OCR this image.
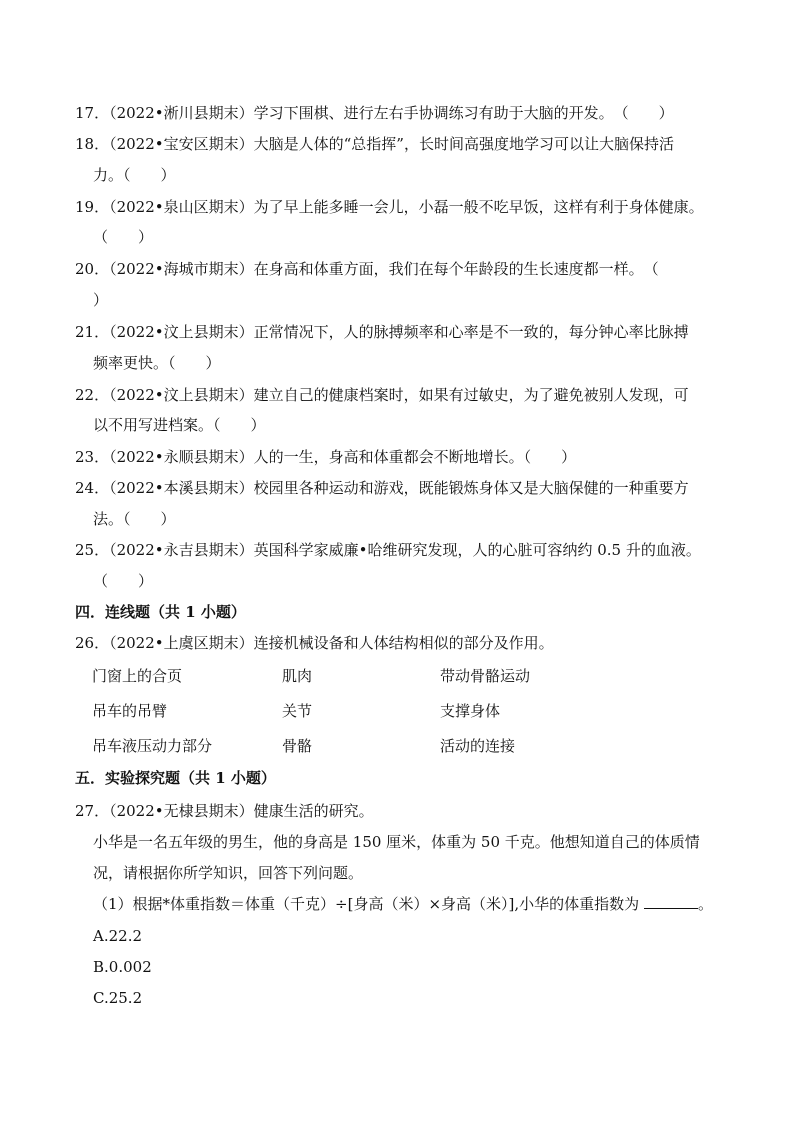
17．（2022•淅川县期末）学习下围棋、进行左右手协调练习有助于大脑的开发。　（　　）
18．（2022•宝安区期末）大脑是人体的“总指挥”，长时间高强度地学习可以让大脑保持活
力。（　　）
19．（2022•泉山区期末）为了早上能多睡一会儿，小磊一般不吃早饭，这样有利于身体健康。
（　　）
20．（2022•海城市期末）在身高和体重方面，我们在每个年龄段的生长速度都一样。　（
）
21．（2022•汶上县期末）正常情况下，人的脉搏频率和心率是不一致的，每分钟心率比脉搏
频率更快。（　　）
22．（2022•汶上县期末）建立自己的健康档案时，如果有过敏史，为了避免被别人发现，可
以不用写进档案。（　　）
23．（2022•永顺县期末）人的一生，身高和体重都会不断地增长。（　　）
24．（2022•本溪县期末）校园里各种运动和游戏，既能锻炼身体又是大脑保健的一种重要方
法。（　　）
25．（2022•永吉县期末）英国科学家威廉•哈维研究发现，人的心脏可容纳约 0.5 升的血液。
（　　）
四．连线题（共 1 小题）
26．（2022•上虞区期末）连接机械设备和人体结构相似的部分及作用。
门窗上的合页	肌肉	带动骨骼运动
吊车的吊臂	关节	支撑身体
吊车液压动力部分	骨骼	活动的连接
五．实验探究题（共 1 小题）
27．（2022•无棣县期末）健康生活的研究。
小华是一名五年级的男生，他的身高是 150 厘米，体重为 50 千克。他想知道自己的体质情
况，请根据你所学知识，回答下列问题。
（1）根据*体重指数＝体重（千克）÷[身高（米）×身高（米）],小华的体重指数为	。
A.22.2
B.0.002
C.25.2
